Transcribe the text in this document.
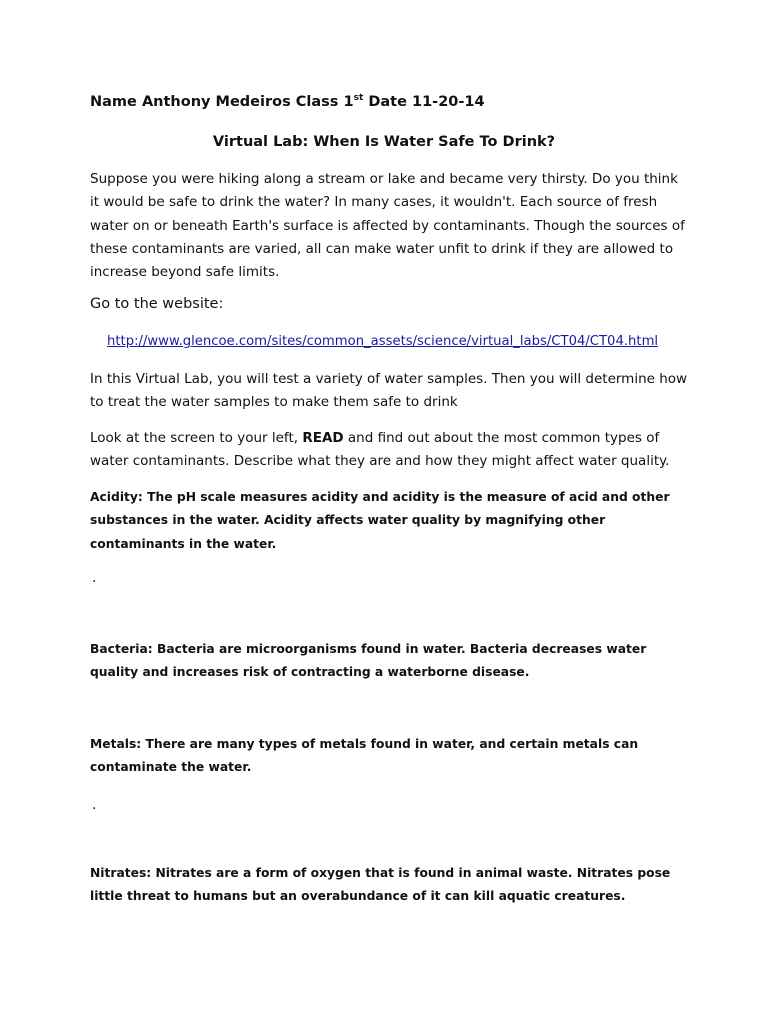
Name Anthony Medeiros Class 1st Date 11-20-14
Virtual Lab: When Is Water Safe To Drink?
Suppose you were hiking along a stream or lake and became very thirsty. Do you think it would be safe to drink the water? In many cases, it wouldn't. Each source of fresh water on or beneath Earth's surface is affected by contaminants. Though the sources of these contaminants are varied, all can make water unfit to drink if they are allowed to increase beyond safe limits.
Go to the website:
http://www.glencoe.com/sites/common_assets/science/virtual_labs/CT04/CT04.html
In this Virtual Lab, you will test a variety of water samples. Then you will determine how to treat the water samples to make them safe to drink
Look at the screen to your left, READ and find out about the most common types of water contaminants. Describe what they are and how they might affect water quality.
Acidity: The pH scale measures acidity and acidity is the measure of acid and other substances in the water. Acidity affects water quality by magnifying other contaminants in the water.
.
Bacteria: Bacteria are microorganisms found in water. Bacteria decreases water quality and increases risk of contracting a waterborne disease.
Metals: There are many types of metals found in water, and certain metals can contaminate the water.
.
Nitrates: Nitrates are a form of oxygen that is found in animal waste. Nitrates pose little threat to humans but an overabundance of it can kill aquatic creatures.
